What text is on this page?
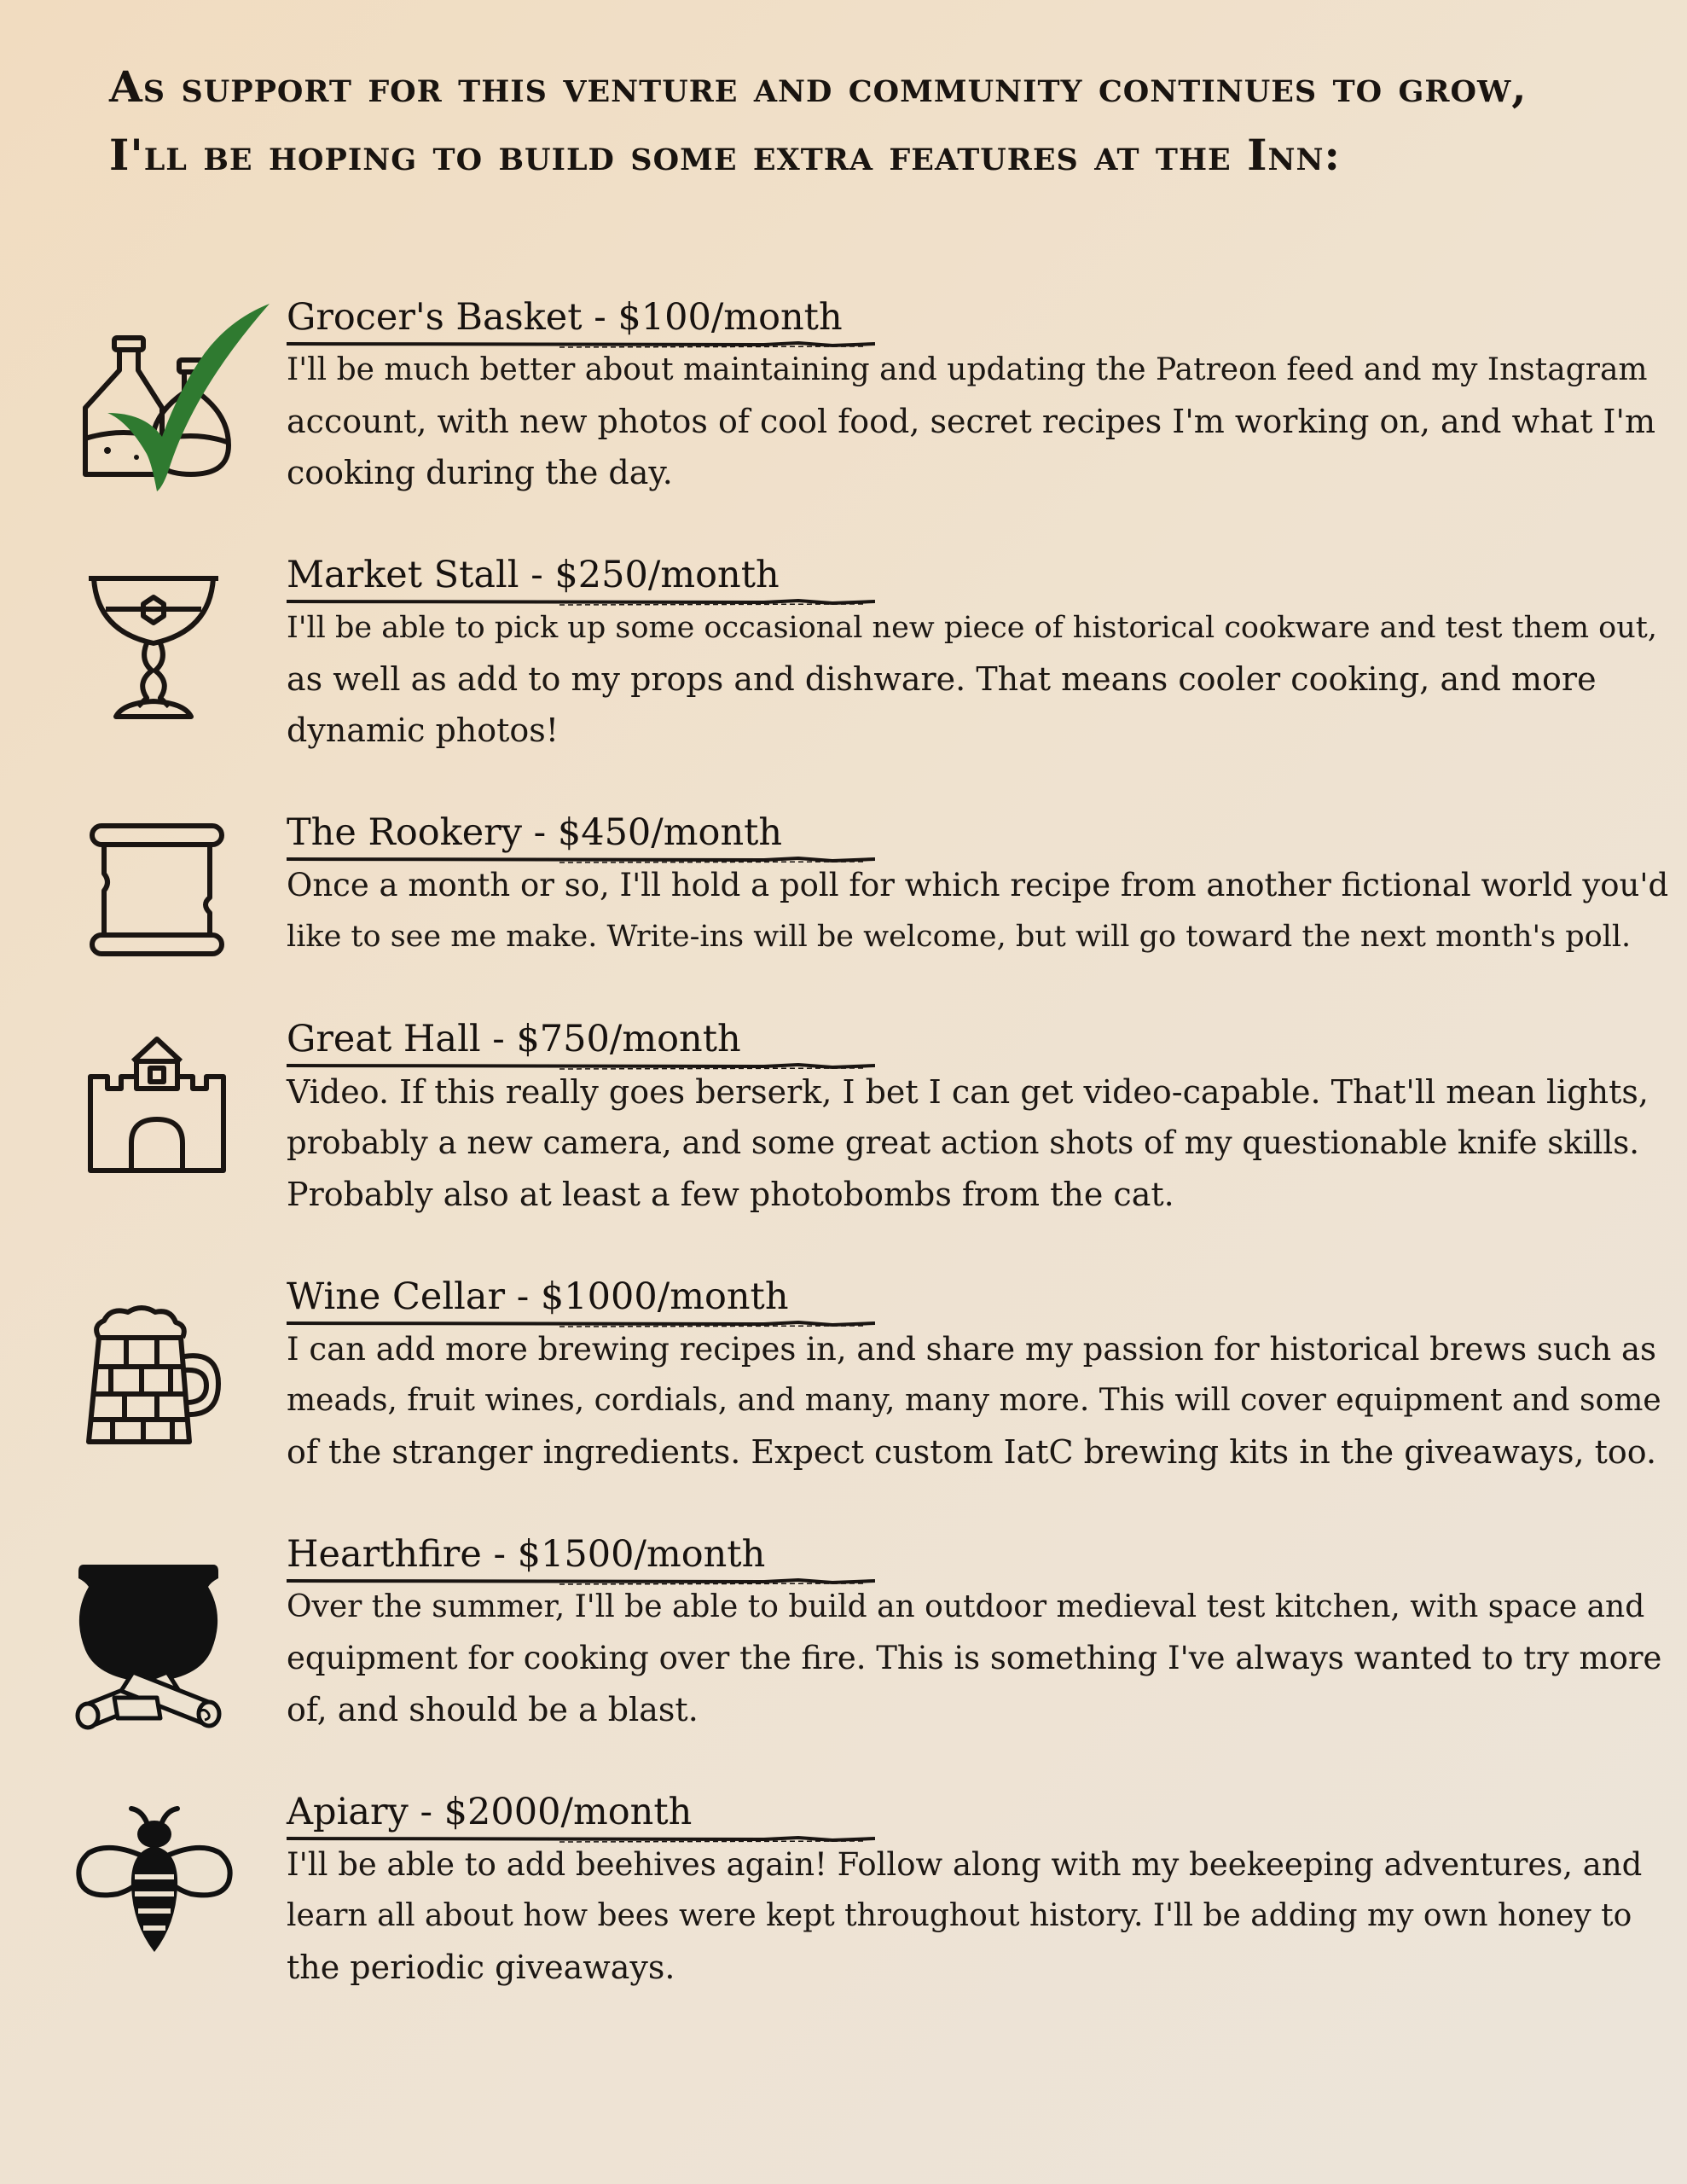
As support for this venture and community continues to grow,
I'll be hoping to build some extra features at the Inn:
Grocer's Basket - $100/month

I'll be much better about maintaining and updating the Patreon feed and my Instagram

account, with new photos of cool food, secret recipes I'm working on, and what I'm

cooking during the day.

Market Stall - $250/month

I'll be able to pick up some occasional new piece of historical cookware and test them out,

as well as add to my props and dishware. That means cooler cooking, and more

dynamic photos!

The Rookery - $450/month

Once a month or so, I'll hold a poll for which recipe from another fictional world you'd

like to see me make. Write-ins will be welcome, but will go toward the next month's poll.

Great Hall - $750/month

Video. If this really goes berserk, I bet I can get video-capable. That'll mean lights,

probably a new camera, and some great action shots of my questionable knife skills.

Probably also at least a few photobombs from the cat.

Wine Cellar - $1000/month

I can add more brewing recipes in, and share my passion for historical brews such as

meads, fruit wines, cordials, and many, many more. This will cover equipment and some

of the stranger ingredients. Expect custom IatC brewing kits in the giveaways, too.

Hearthfire - $1500/month

Over the summer, I'll be able to build an outdoor medieval test kitchen, with space and

equipment for cooking over the fire. This is something I've always wanted to try more

of, and should be a blast.

Apiary - $2000/month

I'll be able to add beehives again! Follow along with my beekeeping adventures, and

learn all about how bees were kept throughout history. I'll be adding my own honey to

the periodic giveaways.
